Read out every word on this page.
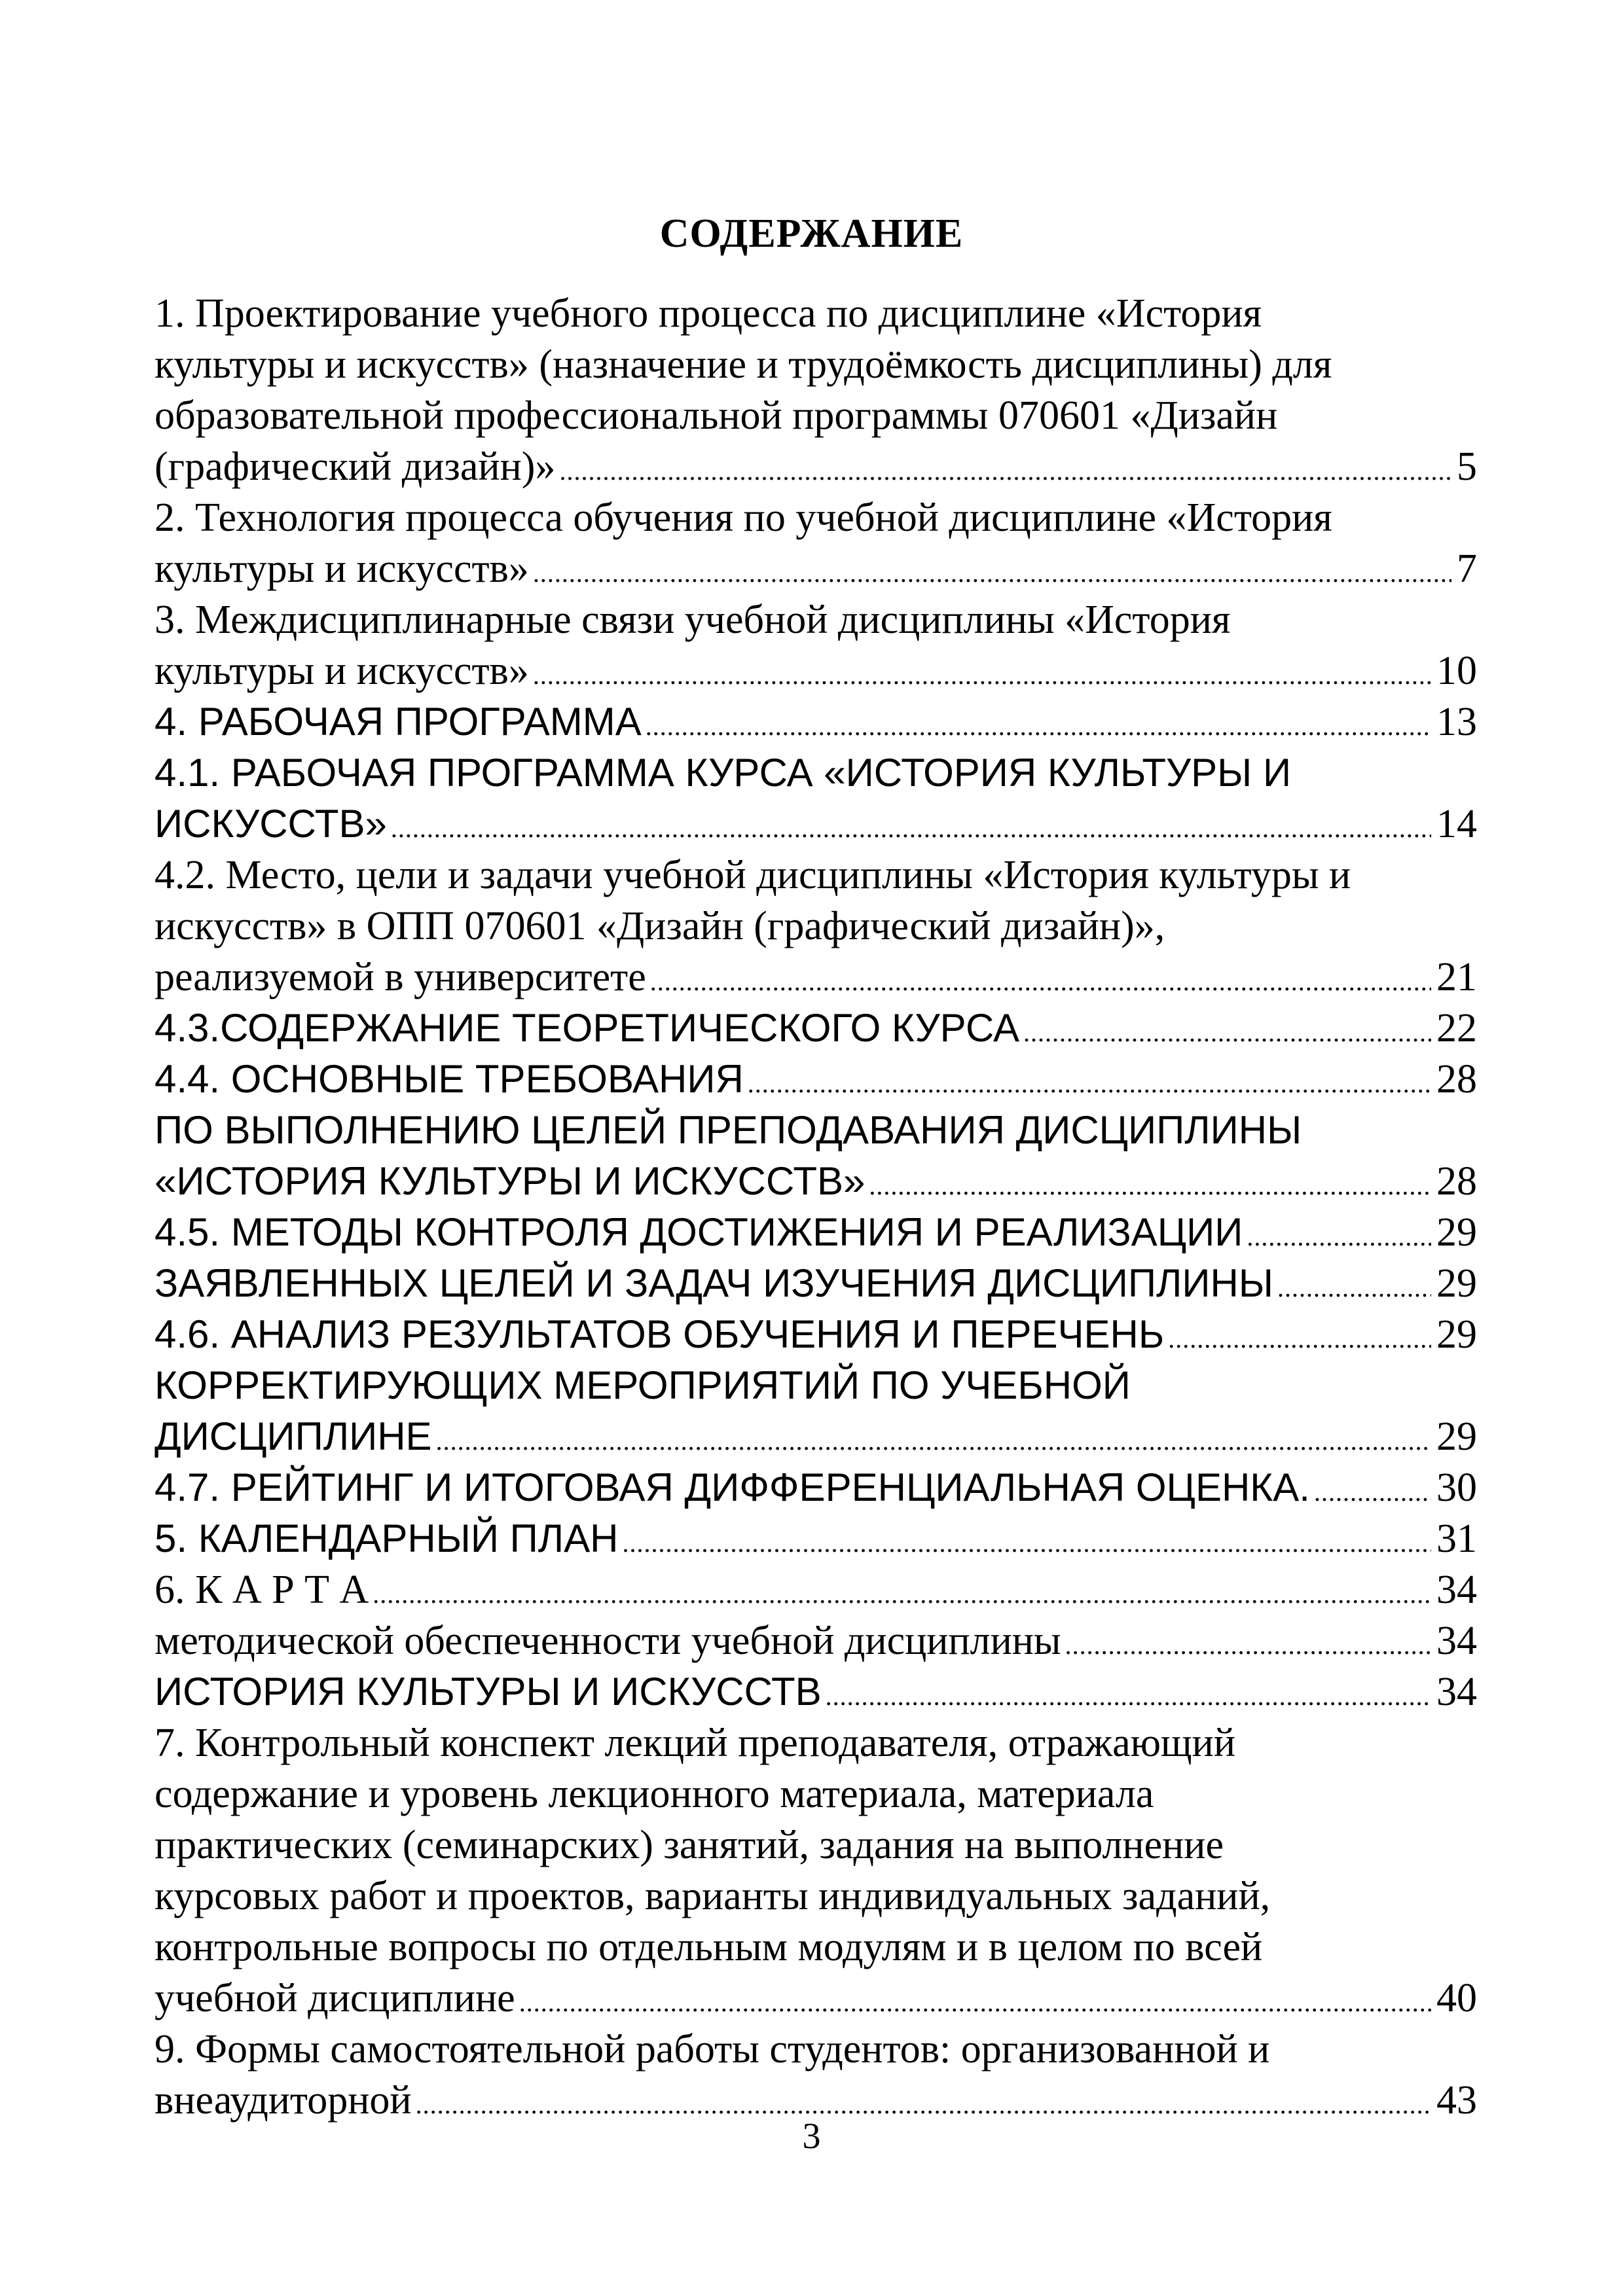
СОДЕРЖАНИЕ
1. Проектирование учебного процесса по дисциплине «История
культуры и искусств» (назначение и трудоёмкость дисциплины) для
образовательной профессиональной программы 070601 «Дизайн
(графический дизайн)» .....	5
2. Технология процесса обучения по учебной дисциплине «История
культуры и искусств» .....	7
3. Междисциплинарные связи учебной дисциплины «История
культуры и искусств» .....	10
4. РАБОЧАЯ ПРОГРАММА .....	13
4.1. РАБОЧАЯ ПРОГРАММА КУРСА «ИСТОРИЯ КУЛЬТУРЫ И
ИСКУССТВ» .....	14
4.2. Место, цели и задачи учебной дисциплины «История культуры и
искусств» в ОПП 070601 «Дизайн (графический дизайн)»,
реализуемой в университете .....	21
4.3.СОДЕРЖАНИЕ ТЕОРЕТИЧЕСКОГО КУРСА .....	22
4.4. ОСНОВНЫЕ ТРЕБОВАНИЯ .....	28
ПО ВЫПОЛНЕНИЮ ЦЕЛЕЙ ПРЕПОДАВАНИЯ ДИСЦИПЛИНЫ
«ИСТОРИЯ КУЛЬТУРЫ И ИСКУССТВ» .....	28
4.5. МЕТОДЫ КОНТРОЛЯ ДОСТИЖЕНИЯ И РЕАЛИЗАЦИИ .....	29
ЗАЯВЛЕННЫХ ЦЕЛЕЙ И ЗАДАЧ ИЗУЧЕНИЯ ДИСЦИПЛИНЫ .....	29
4.6. АНАЛИЗ РЕЗУЛЬТАТОВ ОБУЧЕНИЯ И ПЕРЕЧЕНЬ .....	29
КОРРЕКТИРУЮЩИХ МЕРОПРИЯТИЙ ПО УЧЕБНОЙ
ДИСЦИПЛИНЕ .....	29
4.7. РЕЙТИНГ И ИТОГОВАЯ ДИФФЕРЕНЦИАЛЬНАЯ ОЦЕНКА. .....	30
5. КАЛЕНДАРНЫЙ ПЛАН .....	31
6. К А Р Т А .....	34
методической обеспеченности учебной дисциплины .....	34
ИСТОРИЯ КУЛЬТУРЫ И ИСКУССТВ .....	34
7. Контрольный конспект лекций преподавателя, отражающий
содержание и уровень лекционного материала, материала
практических (семинарских) занятий, задания на выполнение
курсовых работ и проектов, варианты индивидуальных заданий,
контрольные вопросы по отдельным модулям и в целом по всей
учебной дисциплине .....	40
9. Формы самостоятельной работы студентов: организованной и
внеаудиторной .....	43
3
